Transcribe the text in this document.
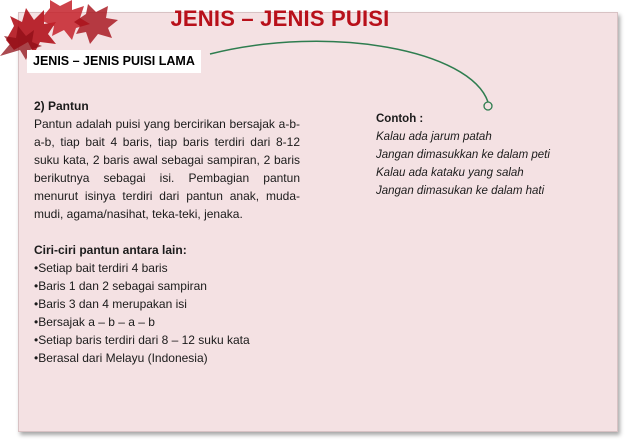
JENIS – JENIS PUISI
JENIS – JENIS PUISI LAMA
2) Pantun
Pantun adalah puisi yang bercirikan bersajak a-b-a-b, tiap bait 4 baris, tiap baris terdiri dari 8-12 suku kata, 2 baris awal sebagai sampiran, 2 baris berikutnya sebagai isi. Pembagian pantun menurut isinya terdiri dari pantun anak, muda-mudi, agama/nasihat, teka-teki, jenaka.
Ciri-ciri pantun antara lain:
• Setiap bait terdiri 4 baris
• Baris 1 dan 2 sebagai sampiran
• Baris 3 dan 4 merupakan isi
• Bersajak a – b – a – b
• Setiap baris terdiri dari 8 – 12 suku kata
• Berasal dari Melayu (Indonesia)
Contoh :
Kalau ada jarum patah
Jangan dimasukkan ke dalam peti
Kalau ada kataku yang salah
Jangan dimasukan ke dalam hati
